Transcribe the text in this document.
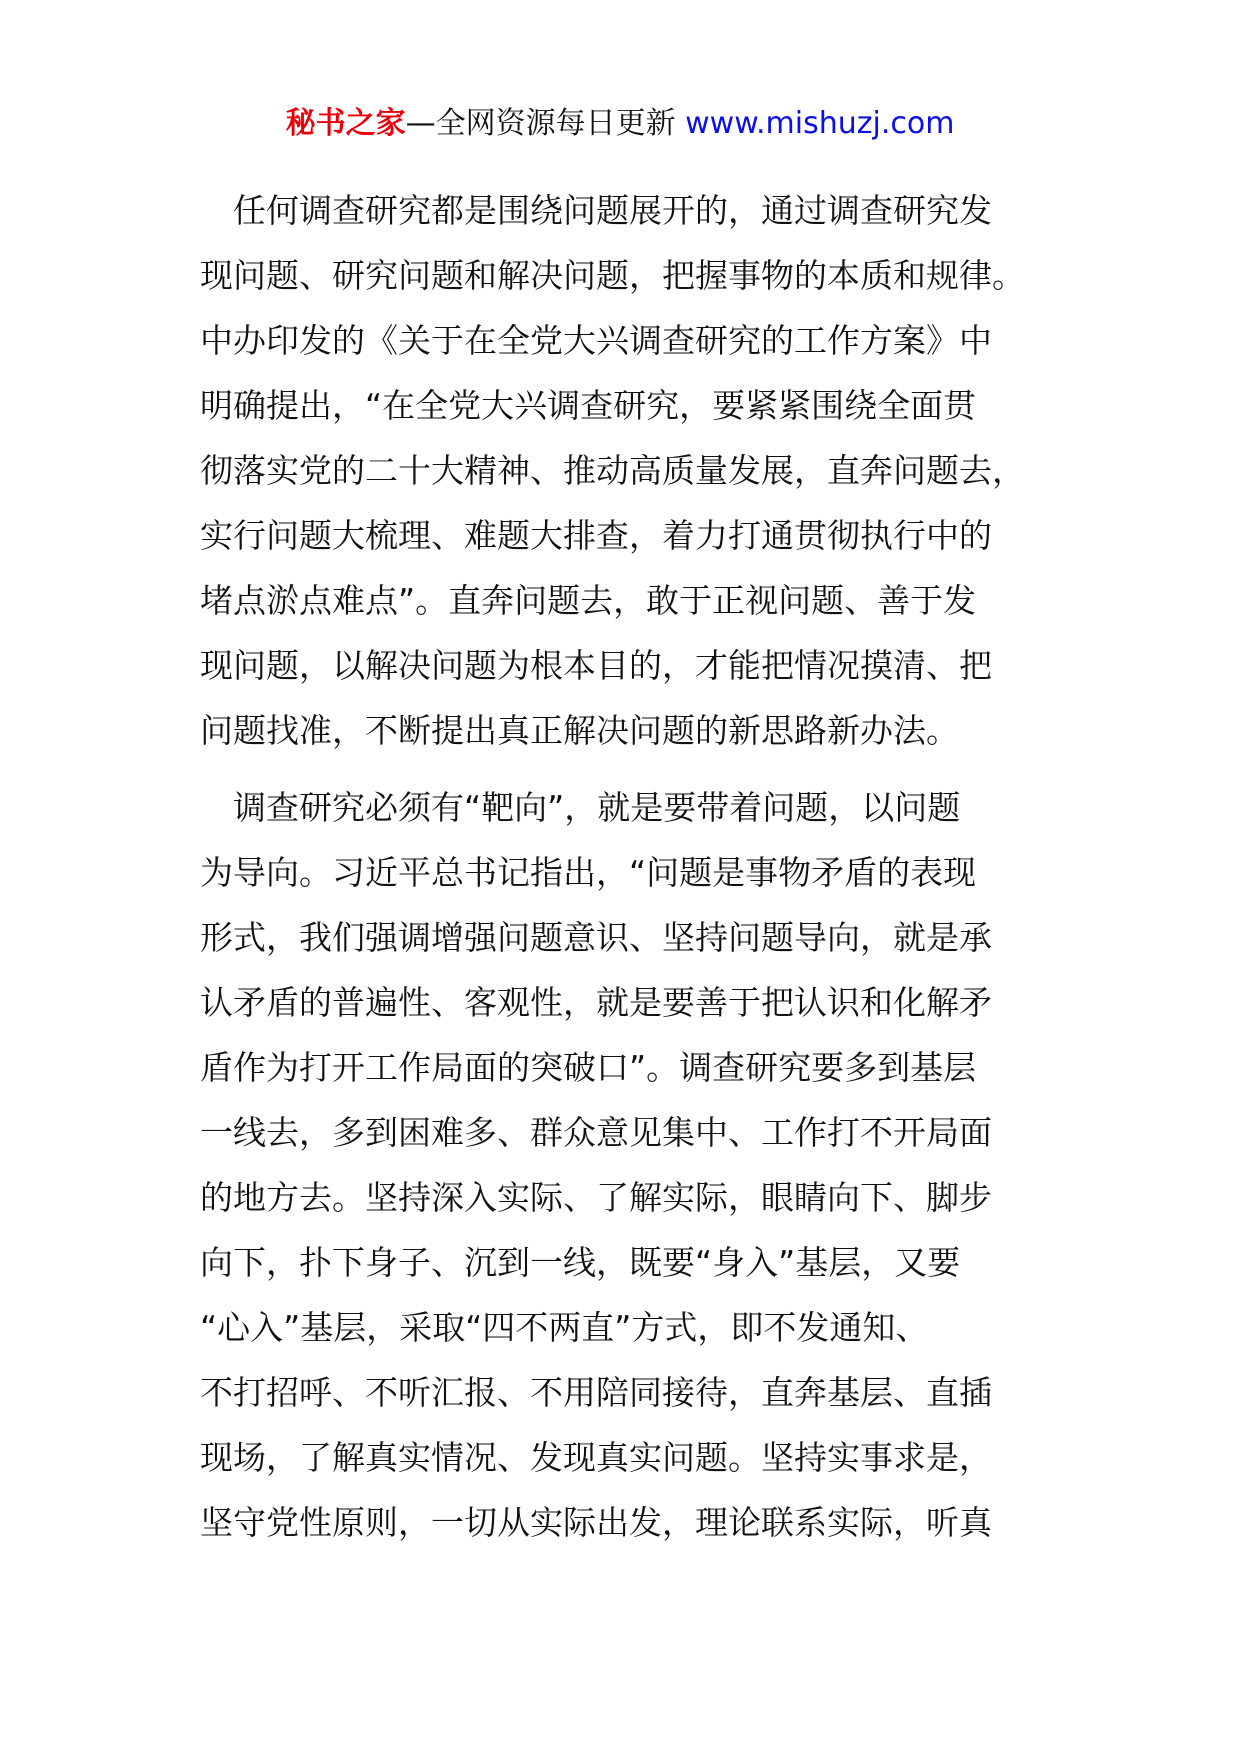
秘书之家—全网资源每日更新 www.mishuzj.com
　任何调查研究都是围绕问题展开的，通过调查研究发
现问题、研究问题和解决问题，把握事物的本质和规律。
中办印发的《关于在全党大兴调查研究的工作方案》中
明确提出，“在全党大兴调查研究，要紧紧围绕全面贯
彻落实党的二十大精神、推动高质量发展，直奔问题去，
实行问题大梳理、难题大排查，着力打通贯彻执行中的
堵点淤点难点”。直奔问题去，敢于正视问题、善于发
现问题，以解决问题为根本目的，才能把情况摸清、把
问题找准，不断提出真正解决问题的新思路新办法。
　调查研究必须有“靶向”，就是要带着问题，以问题
为导向。习近平总书记指出，“问题是事物矛盾的表现
形式，我们强调增强问题意识、坚持问题导向，就是承
认矛盾的普遍性、客观性，就是要善于把认识和化解矛
盾作为打开工作局面的突破口”。调查研究要多到基层
一线去，多到困难多、群众意见集中、工作打不开局面
的地方去。坚持深入实际、了解实际，眼睛向下、脚步
向下，扑下身子、沉到一线，既要“身入”基层，又要
“心入”基层，采取“四不两直”方式，即不发通知、
不打招呼、不听汇报、不用陪同接待，直奔基层、直插
现场，了解真实情况、发现真实问题。坚持实事求是，
坚守党性原则，一切从实际出发，理论联系实际，听真
